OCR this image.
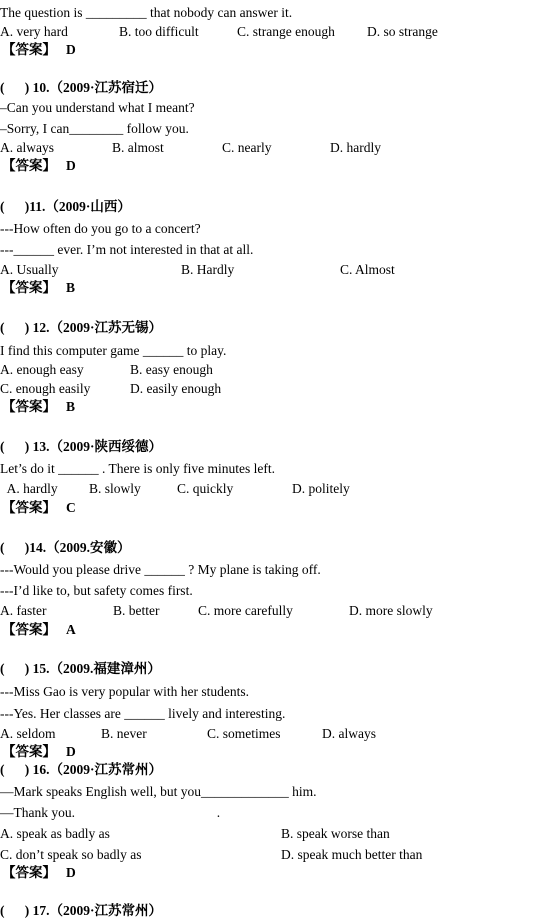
The question is _________ that nobody can answer it.
A. very hard	B. too difficult	C. strange enough D. so strange
【答案】 D
(      ) 10.（2009·江苏宿迁）
–Can you understand what I meant?
–Sorry, I can________ follow you.
A. always	B. almost	C. nearly	D. hardly
【答案】 D
(      )11.（2009·山西）
---How often do you go to a concert?
---______ ever. I’m not interested in that at all.
A. Usually	B. Hardly	C. Almost
【答案】 B
(      ) 12.（2009·江苏无锡）
I find this computer game ______ to play.
A. enough easy	B. easy enough
C. enough easily	D. easily enough
【答案】 B
(      ) 13.（2009·陕西绥德）
Let’s do it ______ . There is only five minutes left.
A. hardly B. slowly	C. quickly	D. politely
【答案】 C
(      )14.（2009.安徽）
---Would you please drive ______ ? My plane is taking off.
---I’d like to, but safety comes first.
A. faster	B. better	C. more carefully	D. more slowly
【答案】 A
(      ) 15.（2009.福建漳州）
---Miss Gao is very popular with her students.
---Yes. Her classes are ______ lively and interesting.
A. seldom	B. never	C. sometimes	D. always
【答案】 D
(      ) 16.（2009·江苏常州）
—Mark speaks English well, but you_____________ him.
—Thank you.                                          .
A. speak as badly as	B. speak worse than
C. don’t speak so badly as	D. speak much better than
【答案】 D
(      ) 17.（2009·江苏常州）
